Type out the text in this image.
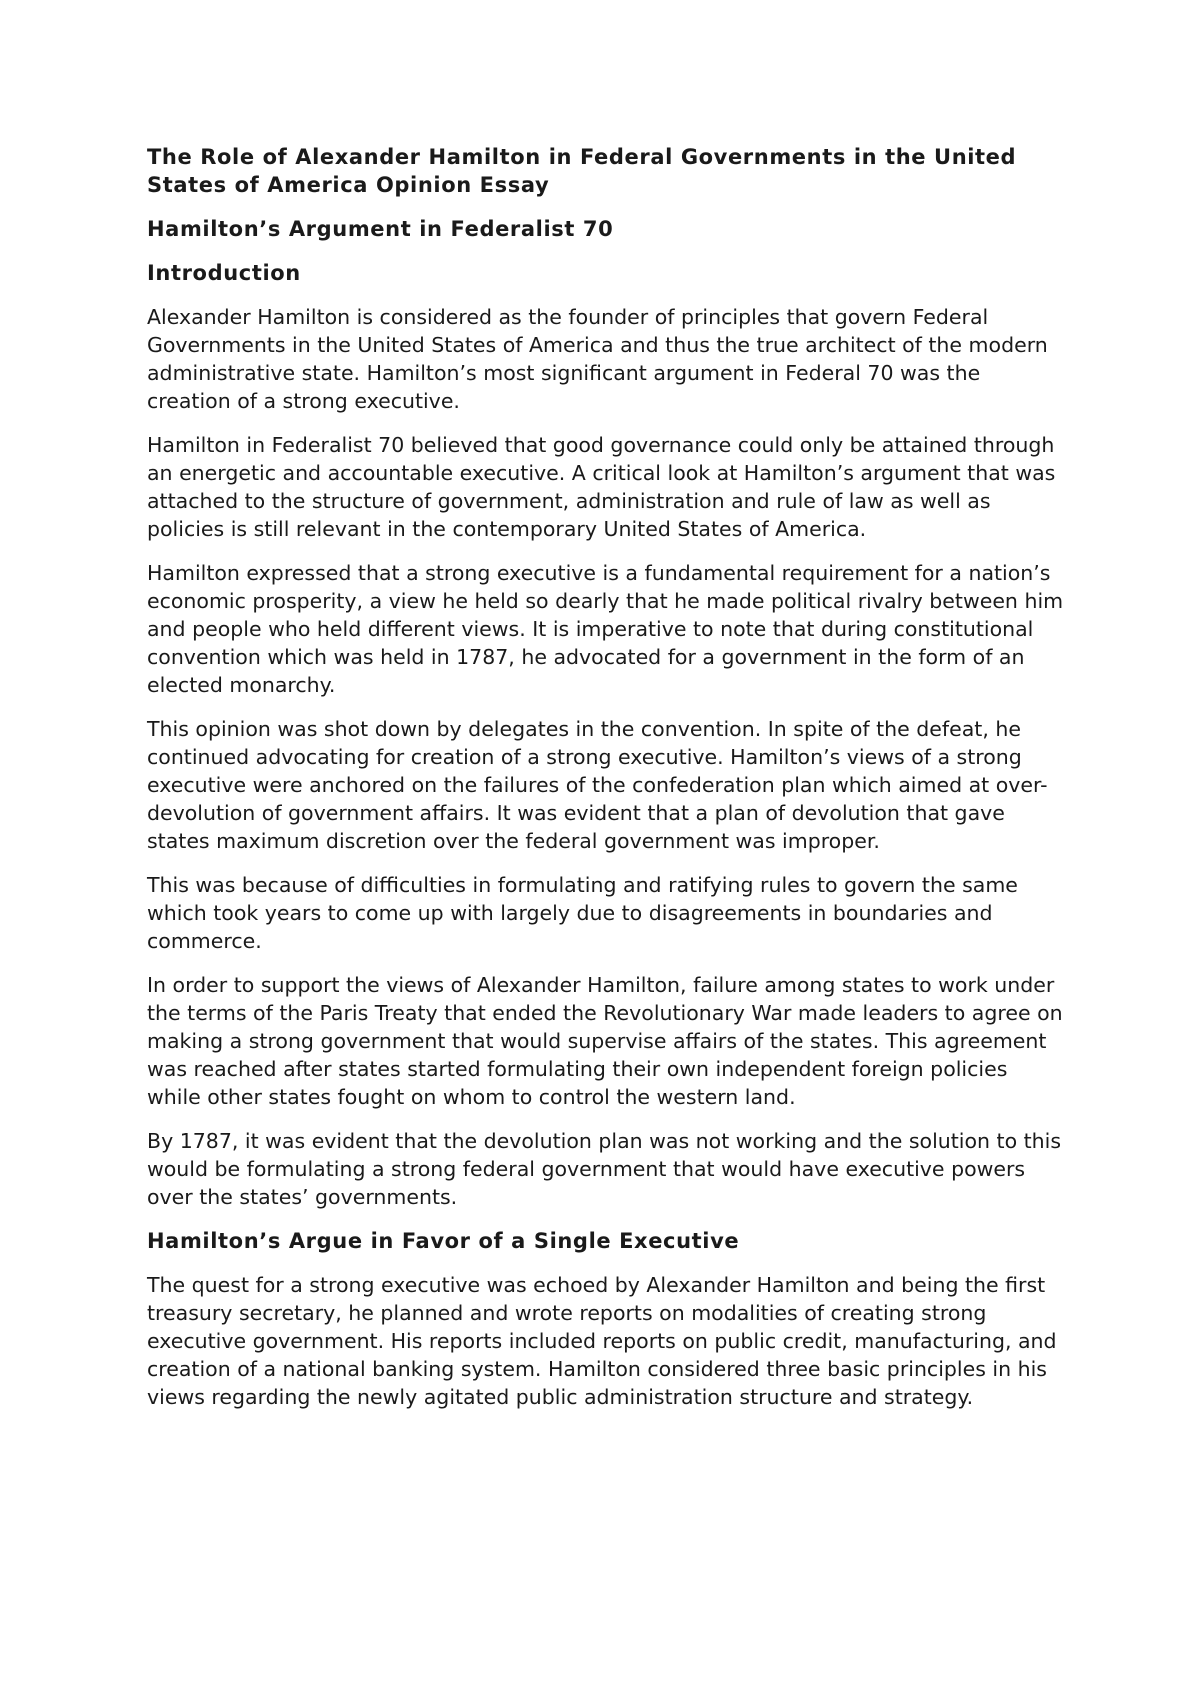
The Role of Alexander Hamilton in Federal Governments in the United States of America Opinion Essay
Hamilton’s Argument in Federalist 70
Introduction

Alexander Hamilton is considered as the founder of principles that govern Federal Governments in the United States of America and thus the true architect of the modern administrative state. Hamilton’s most significant argument in Federal 70 was the creation of a strong executive.

Hamilton in Federalist 70 believed that good governance could only be attained through an energetic and accountable executive. A critical look at Hamilton’s argument that was attached to the structure of government, administration and rule of law as well as policies is still relevant in the contemporary United States of America.

Hamilton expressed that a strong executive is a fundamental requirement for a nation’s economic prosperity, a view he held so dearly that he made political rivalry between him and people who held different views. It is imperative to note that during constitutional convention which was held in 1787, he advocated for a government in the form of an elected monarchy.

This opinion was shot down by delegates in the convention. In spite of the defeat, he continued advocating for creation of a strong executive. Hamilton’s views of a strong executive were anchored on the failures of the confederation plan which aimed at over-devolution of government affairs. It was evident that a plan of devolution that gave states maximum discretion over the federal government was improper.

This was because of difficulties in formulating and ratifying rules to govern the same which took years to come up with largely due to disagreements in boundaries and commerce.

In order to support the views of Alexander Hamilton, failure among states to work under the terms of the Paris Treaty that ended the Revolutionary War made leaders to agree on making a strong government that would supervise affairs of the states. This agreement was reached after states started formulating their own independent foreign policies while other states fought on whom to control the western land.

By 1787, it was evident that the devolution plan was not working and the solution to this would be formulating a strong federal government that would have executive powers over the states’ governments.

Hamilton’s Argue in Favor of a Single Executive

The quest for a strong executive was echoed by Alexander Hamilton and being the first treasury secretary, he planned and wrote reports on modalities of creating strong executive government. His reports included reports on public credit, manufacturing, and creation of a national banking system. Hamilton considered three basic principles in his views regarding the newly agitated public administration structure and strategy.
